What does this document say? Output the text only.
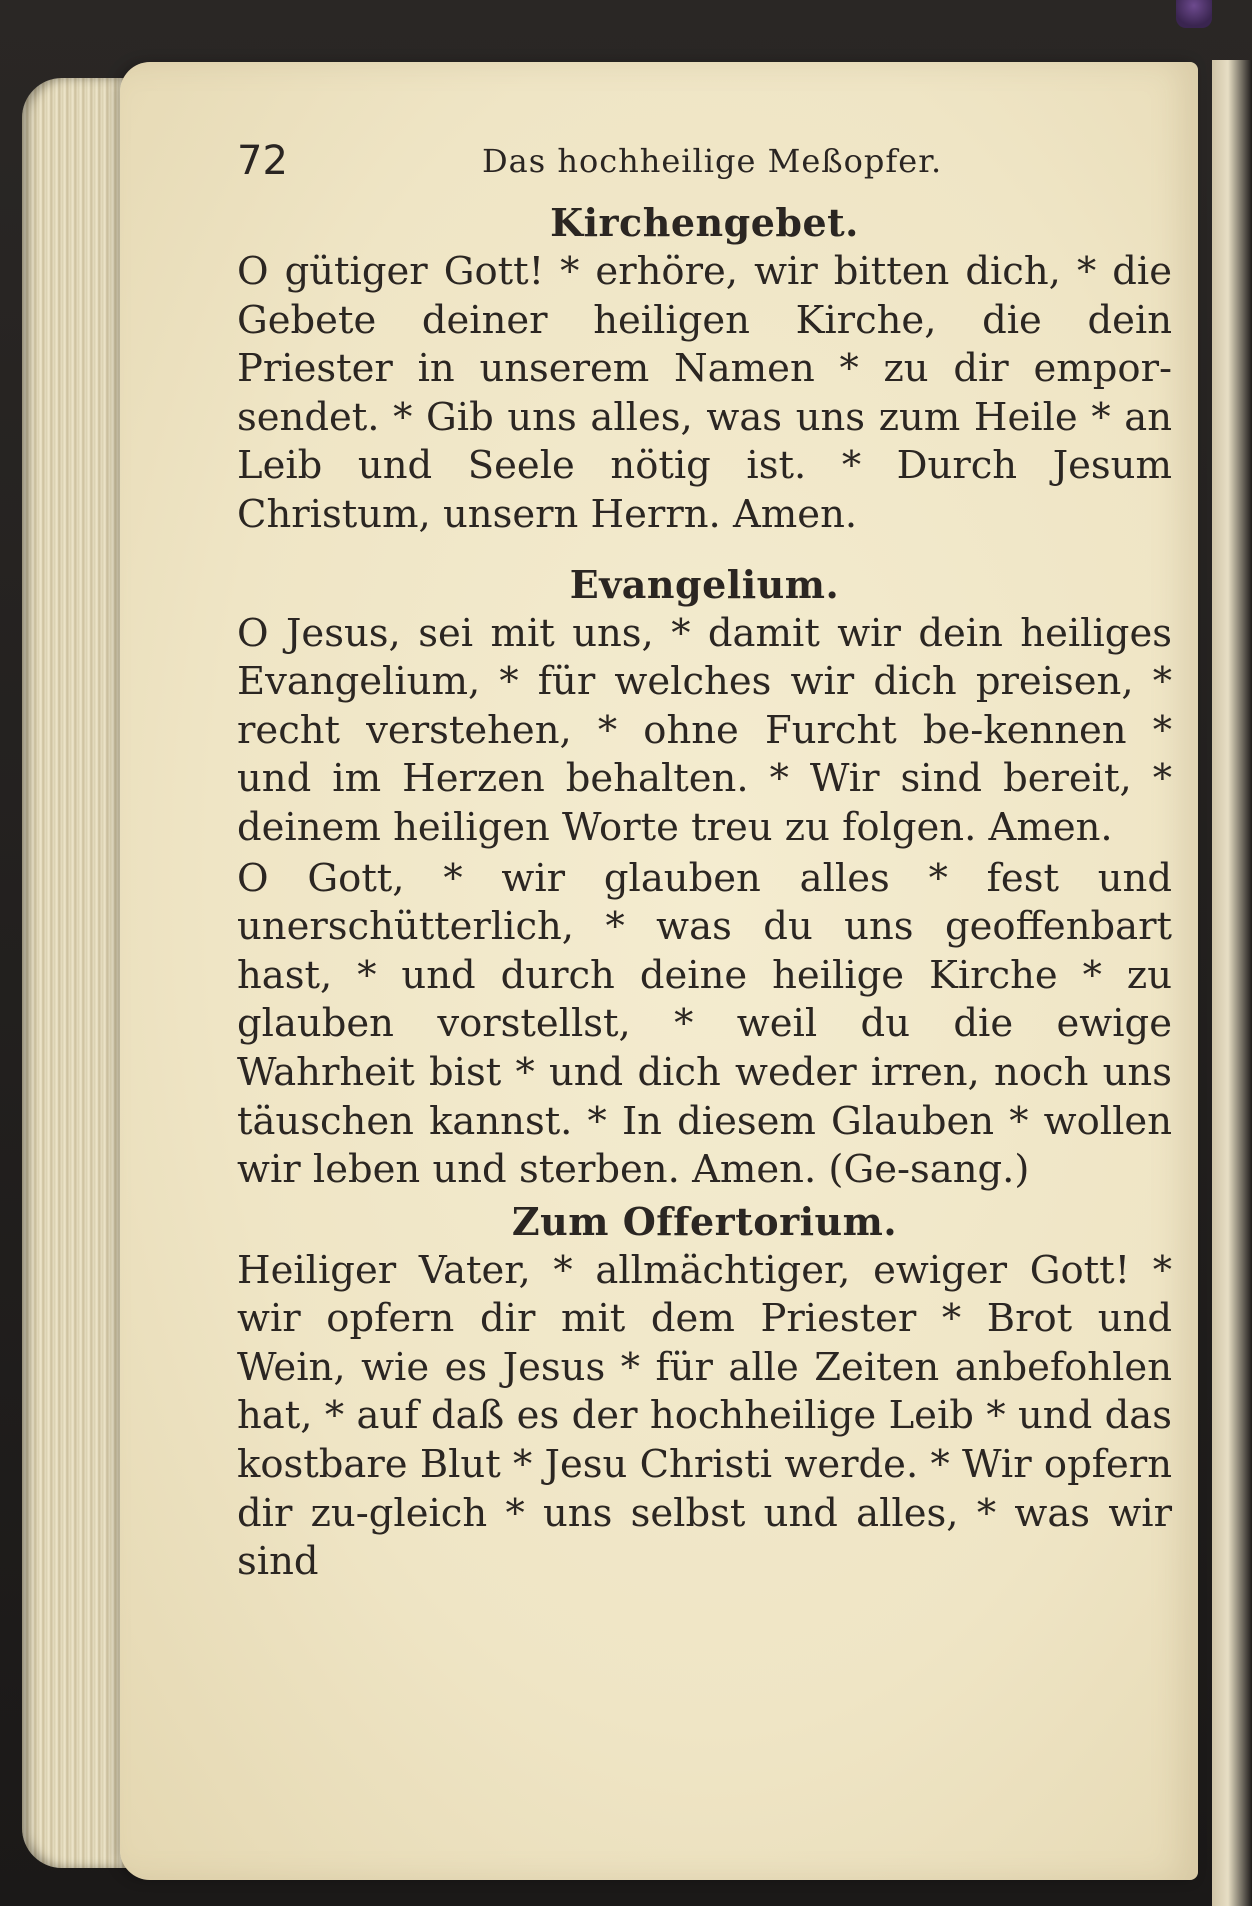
72	Das hochheilige Meßopfer.
Kirchengebet.

O gütiger Gott! * erhöre, wir bitten dich, * die Gebete deiner heiligen Kirche, die dein Priester in unserem Namen * zu dir empor-sendet. * Gib uns alles, was uns zum Heile * an Leib und Seele nötig ist. * Durch Jesum Christum, unsern Herrn. Amen.

Evangelium.

O Jesus, sei mit uns, * damit wir dein heiliges Evangelium, * für welches wir dich preisen, * recht verstehen, * ohne Furcht be-kennen * und im Herzen behalten. * Wir sind bereit, * deinem heiligen Worte treu zu folgen. Amen.

O Gott, * wir glauben alles * fest und unerschütterlich, * was du uns geoffenbart hast, * und durch deine heilige Kirche * zu glauben vorstellst, * weil du die ewige Wahrheit bist * und dich weder irren, noch uns täuschen kannst. * In diesem Glauben * wollen wir leben und sterben. Amen. (Ge-sang.)

Zum Offertorium.

Heiliger Vater, * allmächtiger, ewiger Gott! * wir opfern dir mit dem Priester * Brot und Wein, wie es Jesus * für alle Zeiten anbefohlen hat, * auf daß es der hochheilige Leib * und das kostbare Blut * Jesu Christi werde. * Wir opfern dir zu-gleich * uns selbst und alles, * was wir sind
